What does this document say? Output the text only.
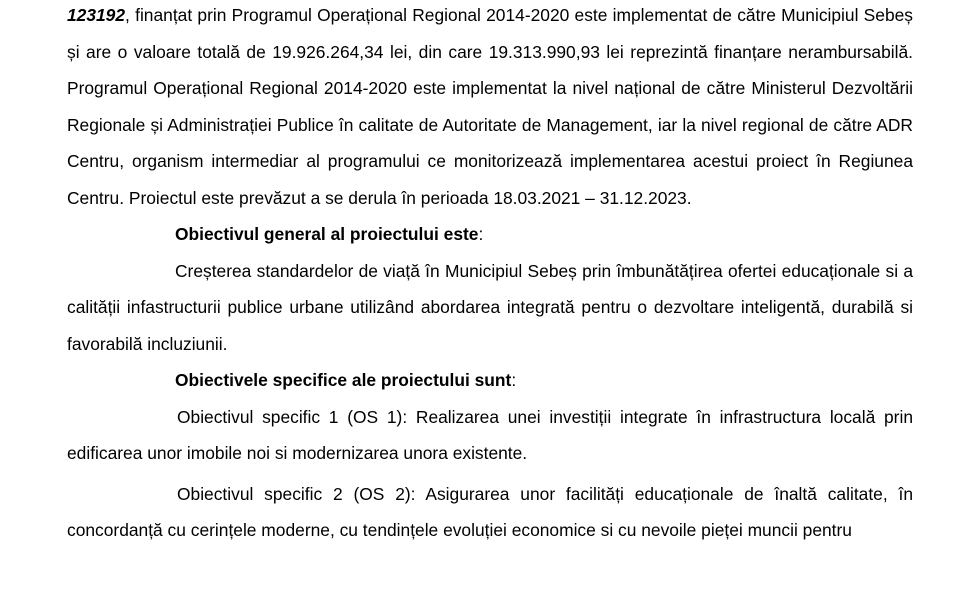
123192, finanțat prin Programul Operațional Regional 2014-2020 este implementat de către Municipiul Sebeș și are o valoare totală de 19.926.264,34 lei, din care 19.313.990,93 lei reprezintă finanțare nerambursabilă. Programul Operațional Regional 2014-2020 este implementat la nivel național de către Ministerul Dezvoltării Regionale și Administrației Publice în calitate de Autoritate de Management, iar la nivel regional de către ADR Centru, organism intermediar al programului ce monitorizează implementarea acestui proiect în Regiunea Centru. Proiectul este prevăzut a se derula în perioada 18.03.2021 – 31.12.2023.

Obiectivul general al proiectului este:

Creșterea standardelor de viață în Municipiul Sebeș prin îmbunătățirea ofertei educaționale si a calității infastructurii publice urbane utilizând abordarea integrată pentru o dezvoltare inteligentă, durabilă si favorabilă incluziunii.

Obiectivele specifice ale proiectului sunt:

Obiectivul specific 1 (OS 1): Realizarea unei investiții integrate în infrastructura locală prin edificarea unor imobile noi si modernizarea unora existente.

Obiectivul specific 2 (OS 2): Asigurarea unor facilități educaționale de înaltă calitate, în concordanță cu cerințele moderne, cu tendințele evoluției economice si cu nevoile pieței muncii pentru
